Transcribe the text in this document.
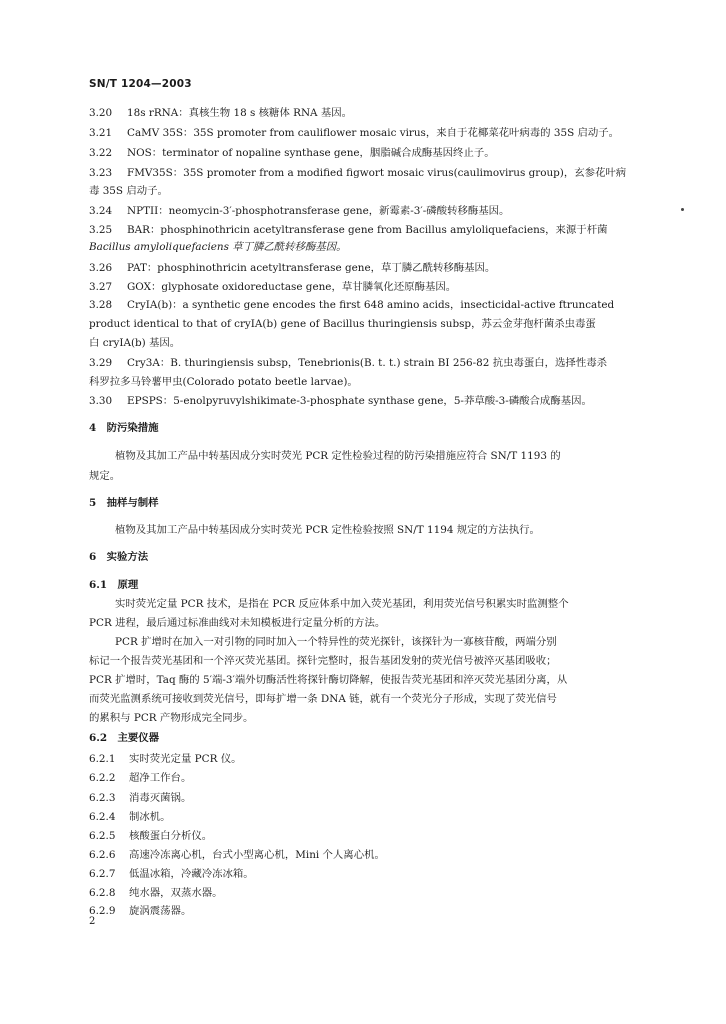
SN/T 1204—2003
3.20 18s rRNA：真核生物 18 s 核糖体 RNA 基因。
3.21 CaMV 35S：35S promoter from cauliflower mosaic virus，来自于花椰菜花叶病毒的 35S 启动子。
3.22 NOS：terminator of nopaline synthase gene，胭脂碱合成酶基因终止子。
3.23 FMV35S：35S promoter from a modified figwort mosaic virus(caulimovirus group)，玄参花叶病
毒 35S 启动子。
3.24 NPTII：neomycin-3′-phosphotransferase gene，新霉素-3′-磷酸转移酶基因。
3.25 BAR：phosphinothricin acetyltransferase gene from Bacillus amyloliquefaciens，来源于杆菌
Bacillus amyloliquefaciens 草丁膦乙酰转移酶基因。
3.26 PAT：phosphinothricin acetyltransferase gene，草丁膦乙酰转移酶基因。
3.27 GOX：glyphosate oxidoreductase gene，草甘膦氧化还原酶基因。
3.28 CryIA(b)：a synthetic gene encodes the first 648 amino acids，insecticidal-active ftruncated
product identical to that of cryIA(b) gene of Bacillus thuringiensis subsp，苏云金芽孢杆菌杀虫毒蛋
白 cryIA(b) 基因。
3.29 Cry3A：B. thuringiensis subsp，Tenebrionis(B. t. t.) strain BI 256-82 抗虫毒蛋白，选择性毒杀
科罗拉多马铃薯甲虫(Colorado potato beetle larvae)。
3.30 EPSPS：5-enolpyruvylshikimate-3-phosphate synthase gene，5-莽草酸-3-磷酸合成酶基因。
4　防污染措施
植物及其加工产品中转基因成分实时荧光 PCR 定性检验过程的防污染措施应符合 SN/T 1193 的
规定。
5　抽样与制样
植物及其加工产品中转基因成分实时荧光 PCR 定性检验按照 SN/T 1194 规定的方法执行。
6　实验方法
6.1　原理
实时荧光定量 PCR 技术，是指在 PCR 反应体系中加入荧光基团，利用荧光信号积累实时监测整个
PCR 进程，最后通过标准曲线对未知模板进行定量分析的方法。
PCR 扩增时在加入一对引物的同时加入一个特异性的荧光探针，该探针为一寡核苷酸，两端分别
标记一个报告荧光基团和一个淬灭荧光基团。探针完整时，报告基团发射的荧光信号被淬灭基团吸收；
PCR 扩增时，Taq 酶的 5′端-3′端外切酶活性将探针酶切降解，使报告荧光基团和淬灭荧光基团分离，从
而荧光监测系统可接收到荧光信号，即每扩增一条 DNA 链，就有一个荧光分子形成，实现了荧光信号
的累积与 PCR 产物形成完全同步。
6.2　主要仪器
6.2.1 实时荧光定量 PCR 仪。
6.2.2 超净工作台。
6.2.3 消毒灭菌锅。
6.2.4 制冰机。
6.2.5 核酸蛋白分析仪。
6.2.6 高速冷冻离心机，台式小型离心机，Mini 个人离心机。
6.2.7 低温冰箱，冷藏冷冻冰箱。
6.2.8 纯水器，双蒸水器。
6.2.9 旋涡震荡器。
2
